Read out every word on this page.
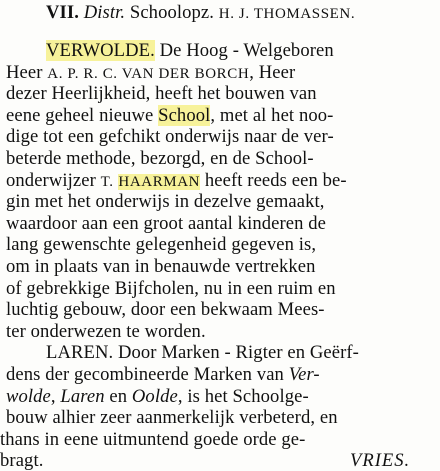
VII. Distr. Schoolopz. H. J. THOMASSEN.
VERWOLDE. De Hoog - Welgeboren
Heer A. P. R. C. VAN DER BORCH, Heer
dezer Heerlijkheid, heeft het bouwen van
eene geheel nieuwe School, met al het noo-
dige tot een gefchikt onderwijs naar de ver-
beterde methode, bezorgd, en de School-
onderwijzer T. HAARMAN heeft reeds een be-
gin met het onderwijs in dezelve gemaakt,
waardoor aan een groot aantal kinderen de
lang gewenschte gelegenheid gegeven is,
om in plaats van in benauwde vertrekken
of gebrekkige Bijfcholen, nu in een ruim en
luchtig gebouw, door een bekwaam Mees-
ter onderwezen te worden.
LAREN. Door Marken - Rigter en Geërf-
dens der gecombineerde Marken van Ver-
wolde, Laren en Oolde, is het Schoolge-
bouw alhier zeer aanmerkelijk verbeterd, en
thans in eene uitmuntend goede orde ge-
bragt.	VRIES.
